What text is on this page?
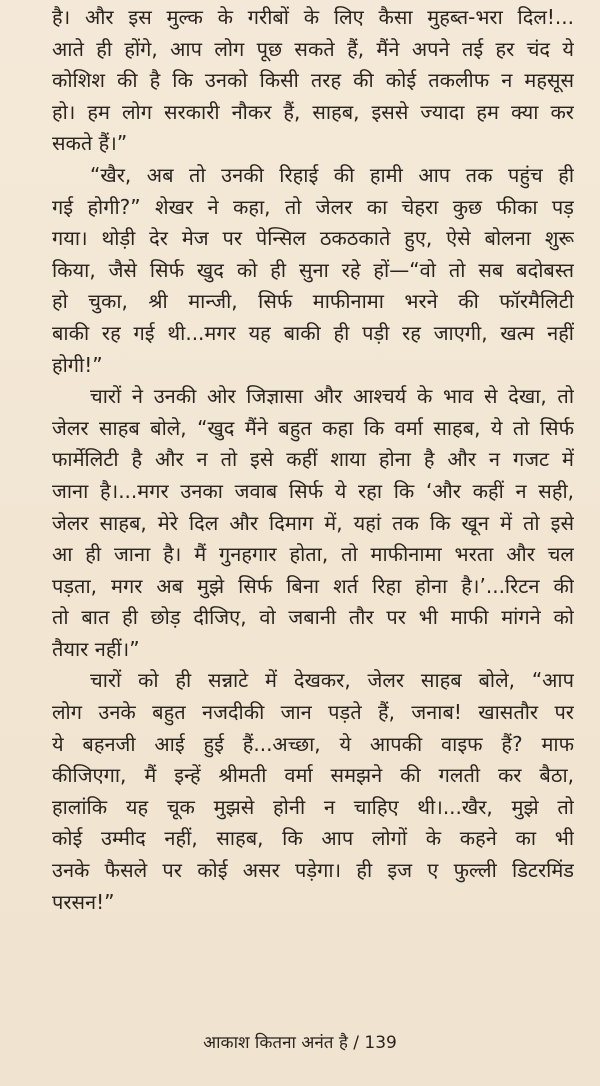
है। और इस मुल्क के गरीबों के लिए कैसा मुहब्त-भरा दिल!...
आते ही होंगे, आप लोग पूछ सकते हैं, मैंने अपने तई हर चंद ये
कोशिश की है कि उनको किसी तरह की कोई तकलीफ न महसूस
हो। हम लोग सरकारी नौकर हैं, साहब, इससे ज्यादा हम क्या कर
सकते हैं।”
“खैर, अब तो उनकी रिहाई की हामी आप तक पहुंच ही
गई होगी?” शेखर ने कहा, तो जेलर का चेहरा कुछ फीका पड़
गया। थोड़ी देर मेज पर पेन्सिल ठकठकाते हुए, ऐसे बोलना शुरू
किया, जैसे सिर्फ खुद को ही सुना रहे हों—“वो तो सब बदोबस्त
हो चुका, श्री मान्जी, सिर्फ माफीनामा भरने की फॉरमैलिटी
बाकी रह गई थी...मगर यह बाकी ही पड़ी रह जाएगी, खत्म नहीं
होगी!”
चारों ने उनकी ओर जिज्ञासा और आश्चर्य के भाव से देखा, तो
जेलर साहब बोले, “खुद मैंने बहुत कहा कि वर्मा साहब, ये तो सिर्फ
फार्मेलिटी है और न तो इसे कहीं शाया होना है और न गजट में
जाना है।...मगर उनका जवाब सिर्फ ये रहा कि ‘और कहीं न सही,
जेलर साहब, मेरे दिल और दिमाग में, यहां तक कि खून में तो इसे
आ ही जाना है। मैं गुनहगार होता, तो माफीनामा भरता और चल
पड़ता, मगर अब मुझे सिर्फ बिना शर्त रिहा होना है।’...रिटन की
तो बात ही छोड़ दीजिए, वो जबानी तौर पर भी माफी मांगने को
तैयार नहीं।”
चारों को ही सन्नाटे में देखकर, जेलर साहब बोले, “आप
लोग उनके बहुत नजदीकी जान पड़ते हैं, जनाब! खासतौर पर
ये बहनजी आई हुई हैं...अच्छा, ये आपकी वाइफ हैं? माफ
कीजिएगा, मैं इन्हें श्रीमती वर्मा समझने की गलती कर बैठा,
हालांकि यह चूक मुझसे होनी न चाहिए थी।...खैर, मुझे तो
कोई उम्मीद नहीं, साहब, कि आप लोगों के कहने का भी
उनके फैसले पर कोई असर पड़ेगा। ही इज ए फुल्ली डिटरमिंड
परसन!”
आकाश कितना अनंत है / 139
